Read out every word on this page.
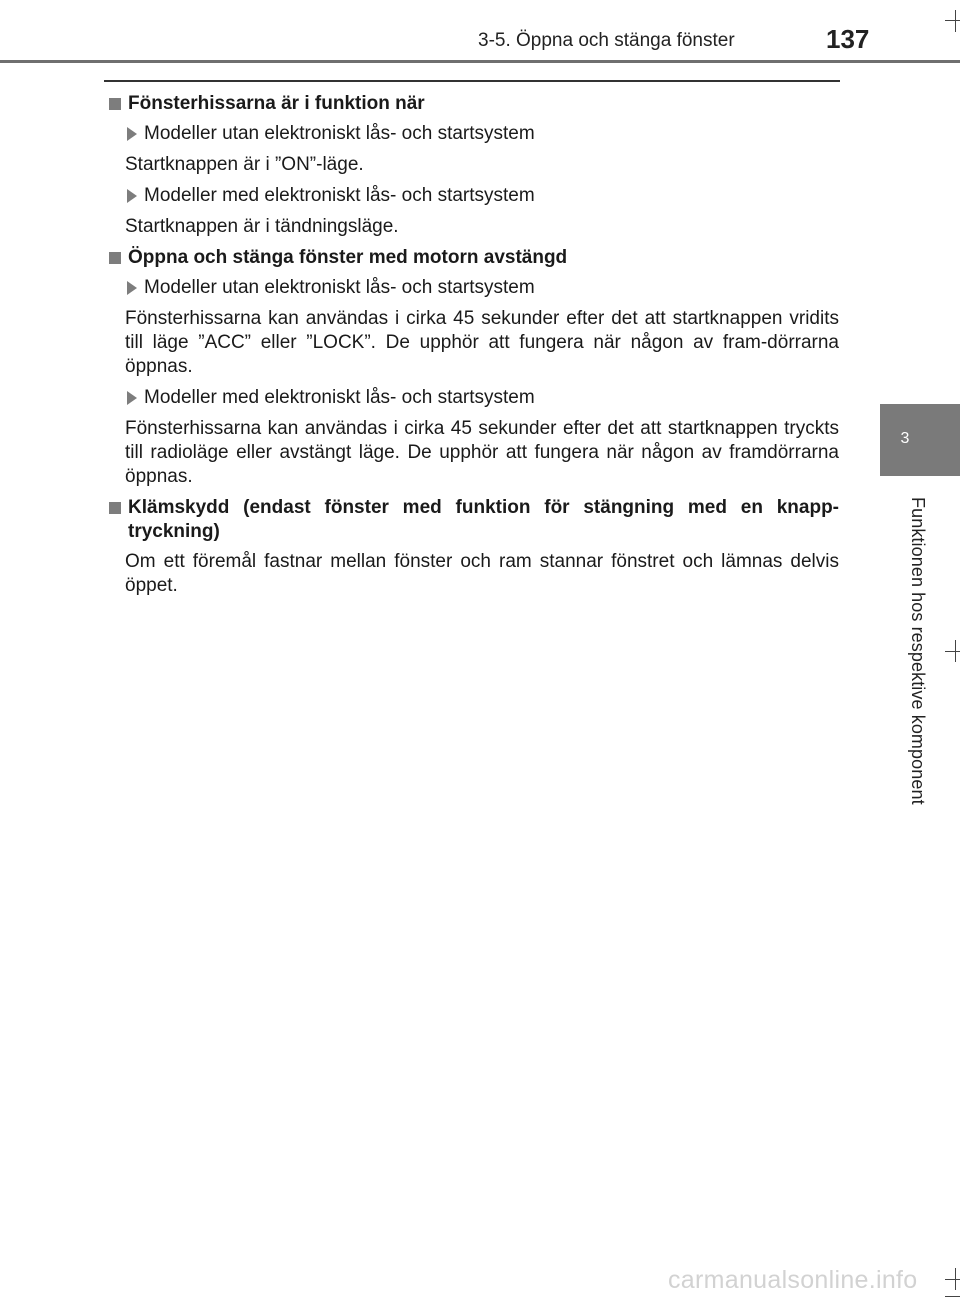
3-5. Öppna och stänga fönster	137
Fönsterhissarna är i funktion när
Modeller utan elektroniskt lås- och startsystem
Startknappen är i ”ON”-läge.
Modeller med elektroniskt lås- och startsystem
Startknappen är i tändningsläge.
Öppna och stänga fönster med motorn avstängd
Modeller utan elektroniskt lås- och startsystem
Fönsterhissarna kan användas i cirka 45 sekunder efter det att startknappen vridits till läge ”ACC” eller ”LOCK”. De upphör att fungera när någon av fram-dörrarna öppnas.
Modeller med elektroniskt lås- och startsystem
Fönsterhissarna kan användas i cirka 45 sekunder efter det att startknappen tryckts till radioläge eller avstängt läge. De upphör att fungera när någon av framdörrarna öppnas.
Klämskydd (endast fönster med funktion för stängning med en knapp-tryckning)
Om ett föremål fastnar mellan fönster och ram stannar fönstret och lämnas delvis öppet.
3
Funktionen hos respektive komponent
carmanualsonline.info
